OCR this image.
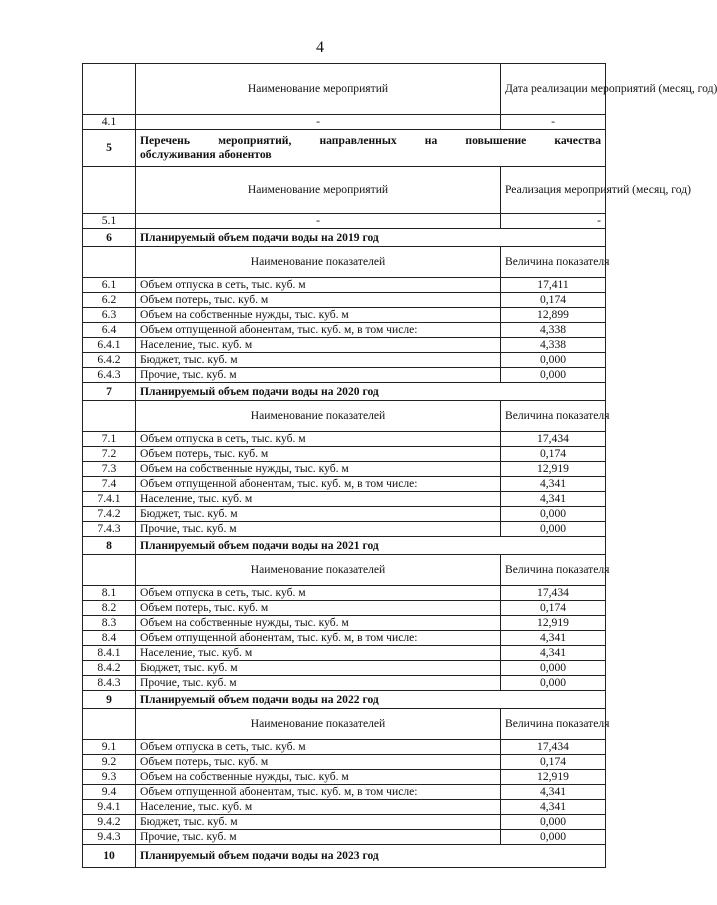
4
	Наименование мероприятий	Дата реализации мероприятий (месяц, год)
4.1	-	-
5	Перечень мероприятий, направленных на повышение качества
обслуживания абонентов	
	Наименование мероприятий	Реализация мероприятий (месяц, год)
5.1	-	-
6	Планируемый объем подачи воды на 2019 год	
	Наименование показателей	Величина показателя
6.1	Объем отпуска в сеть, тыс. куб. м	17,411
6.2	Объем потерь, тыс. куб. м	0,174
6.3	Объем на собственные нужды, тыс. куб. м	12,899
6.4	Объем отпущенной абонентам, тыс. куб. м, в том числе:	4,338
6.4.1	Население, тыс. куб. м	4,338
6.4.2	Бюджет, тыс. куб. м	0,000
6.4.3	Прочие, тыс. куб. м	0,000
7	Планируемый объем подачи воды на 2020 год	
	Наименование показателей	Величина показателя
7.1	Объем отпуска в сеть, тыс. куб. м	17,434
7.2	Объем потерь, тыс. куб. м	0,174
7.3	Объем на собственные нужды, тыс. куб. м	12,919
7.4	Объем отпущенной абонентам, тыс. куб. м, в том числе:	4,341
7.4.1	Население, тыс. куб. м	4,341
7.4.2	Бюджет, тыс. куб. м	0,000
7.4.3	Прочие, тыс. куб. м	0,000
8	Планируемый объем подачи воды на 2021 год	
	Наименование показателей	Величина показателя
8.1	Объем отпуска в сеть, тыс. куб. м	17,434
8.2	Объем потерь, тыс. куб. м	0,174
8.3	Объем на собственные нужды, тыс. куб. м	12,919
8.4	Объем отпущенной абонентам, тыс. куб. м, в том числе:	4,341
8.4.1	Население, тыс. куб. м	4,341
8.4.2	Бюджет, тыс. куб. м	0,000
8.4.3	Прочие, тыс. куб. м	0,000
9	Планируемый объем подачи воды на 2022 год	
	Наименование показателей	Величина показателя
9.1	Объем отпуска в сеть, тыс. куб. м	17,434
9.2	Объем потерь, тыс. куб. м	0,174
9.3	Объем на собственные нужды, тыс. куб. м	12,919
9.4	Объем отпущенной абонентам, тыс. куб. м, в том числе:	4,341
9.4.1	Население, тыс. куб. м	4,341
9.4.2	Бюджет, тыс. куб. м	0,000
9.4.3	Прочие, тыс. куб. м	0,000
10	Планируемый объем подачи воды на 2023 год	
